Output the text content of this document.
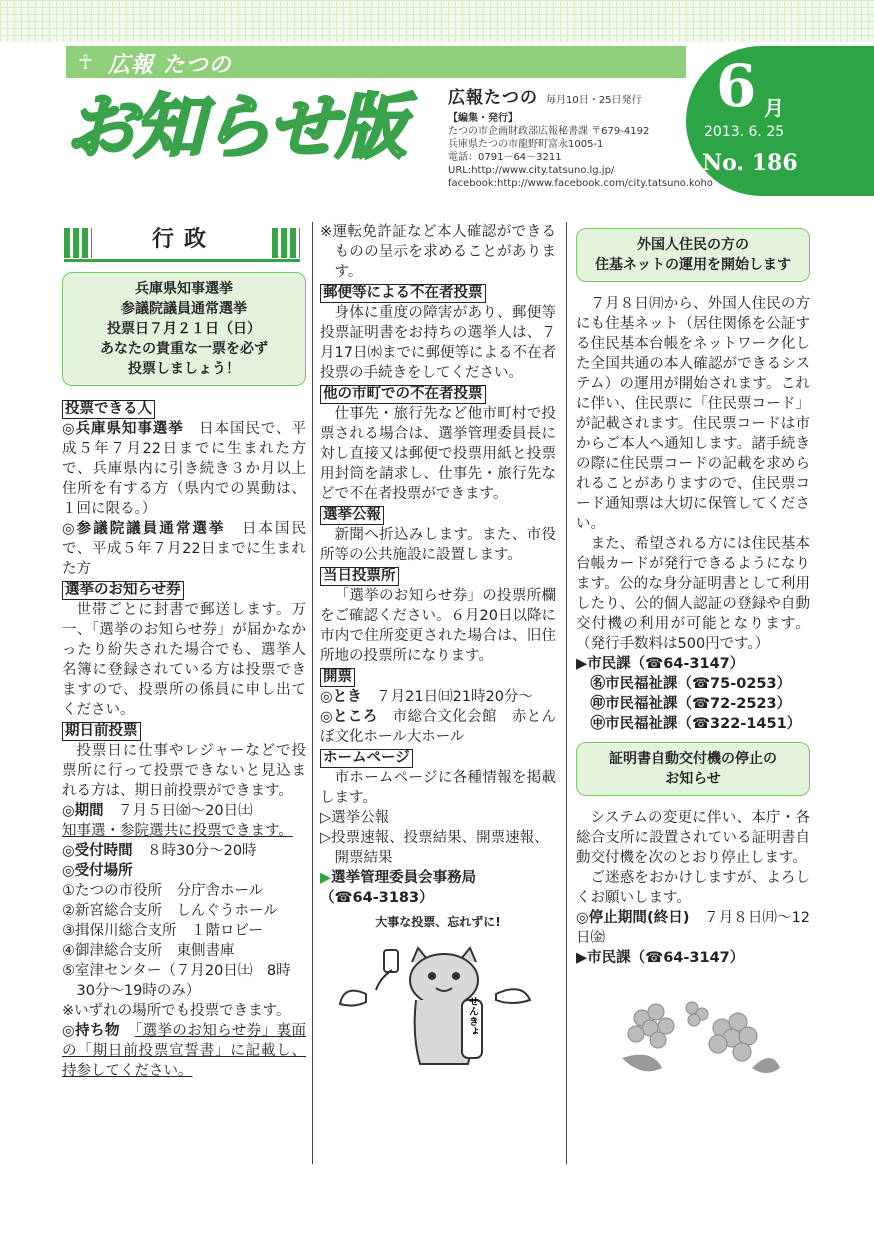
☥ 広報 たつの
お知らせ版	広報たつの 毎月10日・25日発行
【編集・発行】
たつの市企画財政部広報秘書課 〒679-4192
兵庫県たつの市龍野町富永1005-1
電話：0791－64－3211
URL:http://www.city.tatsuno.lg.jp/
facebook:http://www.facebook.com/city.tatsuno.koho
6 月
2013. 6. 25
No. 186
行政
兵庫県知事選挙
参議院議員通常選挙
投票日７月２１日（日）
あなたの貴重な一票を必ず
投票しましょう！
投票できる人
◎兵庫県知事選挙　 日本国民で、平成５年７月22日までに生まれた方で、兵庫県内に引き続き３か月以上住所を有する方（県内での異動は、１回に限る。）
◎参議院議員通常選挙　 日本国民で、平成５年７月22日までに生まれた方
選挙のお知らせ券
世帯ごとに封書で郵送します。万一、「選挙のお知らせ券」が届かなかったり紛失された場合でも、選挙人名簿に登録されている方は投票できますので、投票所の係員に申し出てください。
期日前投票
投票日に仕事やレジャーなどで投票所に行って投票できないと見込まれる方は、期日前投票ができます。
◎期間　 ７月５日㈮～20日㈯
知事選・参院選共に投票できます。
◎受付時間　 ８時30分～20時
◎受付場所
①たつの市役所　分庁舎ホール
②新宮総合支所　しんぐうホール
③揖保川総合支所　１階ロビー
④御津総合支所　東側書庫
⑤室津センター（７月20日㈯　8時30分～19時のみ）
※いずれの場所でも投票できます。
◎持ち物　 「選挙のお知らせ券」裏面の「期日前投票宣誓書」に記載し、持参してください。
※運転免許証など本人確認ができるものの呈示を求めることがあります。
郵便等による不在者投票
身体に重度の障害があり、郵便等投票証明書をお持ちの選挙人は、７月17日㈬までに郵便等による不在者投票の手続きをしてください。
他の市町での不在者投票
仕事先・旅行先など他市町村で投票される場合は、選挙管理委員長に対し直接又は郵便で投票用紙と投票用封筒を請求し、仕事先・旅行先などで不在者投票ができます。
選挙公報
新聞へ折込みします。また、市役所等の公共施設に設置します。
当日投票所
「選挙のお知らせ券」の投票所欄をご確認ください。６月20日以降に市内で住所変更された場合は、旧住所地の投票所になります。
開票
◎とき　 ７月21日㈰21時20分～
◎ところ　 市総合文化会館　赤とんぼ文化ホール大ホール
ホームページ
市ホームページに各種情報を掲載します。
▷選挙公報
▷投票速報、投票結果、開票速報、開票結果
▶選挙管理委員会事務局
（☎64-3183）
大事な投票、忘れずに!
せんきょ
外国人住民の方の
住基ネットの運用を開始します
７月８日㈪から、外国人住民の方にも住基ネット（居住関係を公証する住民基本台帳をネットワーク化した全国共通の本人確認ができるシステム）の運用が開始されます。これに伴い、住民票に「住民票コード」が記載されます。住民票コードは市からご本人へ通知します。諸手続きの際に住民票コードの記載を求められることがありますので、住民票コード通知票は大切に保管してください。
また、希望される方には住民基本台帳カードが発行できるようになります。公的な身分証明書として利用したり、公的個人認証の登録や自動交付機の利用が可能となります。（発行手数料は500円です。）
▶市民課（☎64-3147）
㊔市民福祉課（☎75-0253）
㊞市民福祉課（☎72-2523）
㊥市民福祉課（☎322-1451）
証明書自動交付機の停止の
お知らせ
システムの変更に伴い、本庁・各総合支所に設置されている証明書自動交付機を次のとおり停止します。
ご迷惑をおかけしますが、よろしくお願いします。
◎停止期間(終日)　 ７月８日㈪～12日㈮
▶市民課（☎64-3147）
